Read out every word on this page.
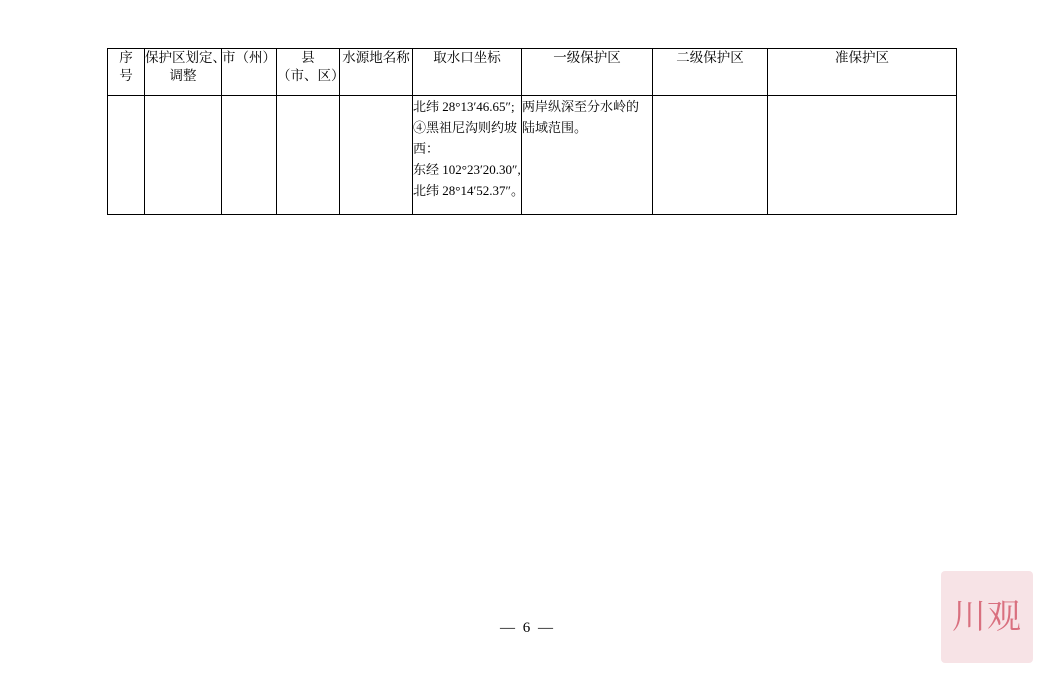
序
号	保护区划定、
调整	市（州）	县
（市、区）	水源地名称	取水口坐标	一级保护区	二级保护区	准保护区

					北纬 28°13′46.65″;
④黑祖尼沟则约坡
西：
东经 102°23′20.30″,
北纬 28°14′52.37″。	两岸纵深至分水岭的
陆域范围。		

— 6 —	川观
